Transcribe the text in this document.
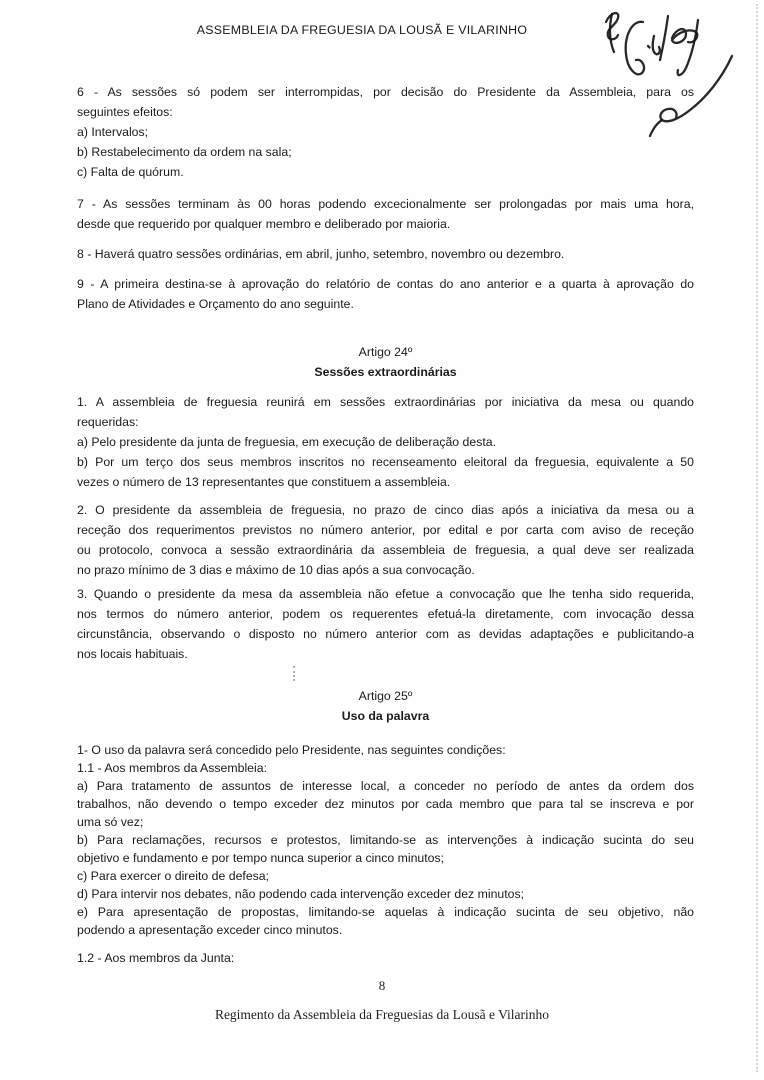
ASSEMBLEIA DA FREGUESIA DA LOUSÃ E VILARINHO
6 - As sessões só podem ser interrompidas, por decisão do Presidente da Assembleia, para os
seguintes efeitos:
a) Intervalos;
b) Restabelecimento da ordem na sala;
c) Falta de quórum.
7 - As sessões terminam às 00 horas podendo excecionalmente ser prolongadas por mais uma hora,
desde que requerido por qualquer membro e deliberado por maioria.
8 - Haverá quatro sessões ordinárias, em abril, junho, setembro, novembro ou dezembro.
9 - A primeira destina-se à aprovação do relatório de contas do ano anterior e a quarta à aprovação do
Plano de Atividades e Orçamento do ano seguinte.
Artigo 24º
Sessões extraordinárias
1. A assembleia de freguesia reunirá em sessões extraordinárias por iniciativa da mesa ou quando
requeridas:
a) Pelo presidente da junta de freguesia, em execução de deliberação desta.
b) Por um terço dos seus membros inscritos no recenseamento eleitoral da freguesia, equivalente a 50
vezes o número de 13 representantes que constituem a assembleia.
2. O presidente da assembleia de freguesia, no prazo de cinco dias após a iniciativa da mesa ou a
receção dos requerimentos previstos no número anterior, por edital e por carta com aviso de receção
ou protocolo, convoca a sessão extraordinária da assembleia de freguesia, a qual deve ser realizada
no prazo mínimo de 3 dias e máximo de 10 dias após a sua convocação.
3. Quando o presidente da mesa da assembleia não efetue a convocação que lhe tenha sido requerida,
nos termos do número anterior, podem os requerentes efetuá-la diretamente, com invocação dessa
circunstância, observando o disposto no número anterior com as devidas adaptações e publicitando-a
nos locais habituais.
Artigo 25º
Uso da palavra
1- O uso da palavra será concedido pelo Presidente, nas seguintes condições:
1.1 - Aos membros da Assembleia:
a) Para tratamento de assuntos de interesse local, a conceder no período de antes da ordem dos
trabalhos, não devendo o tempo exceder dez minutos por cada membro que para tal se inscreva e por
uma só vez;
b) Para reclamações, recursos e protestos, limitando-se as intervenções à indicação sucinta do seu
objetivo e fundamento e por tempo nunca superior a cinco minutos;
c) Para exercer o direito de defesa;
d) Para intervir nos debates, não podendo cada intervenção exceder dez minutos;
e) Para apresentação de propostas, limitando-se aquelas à indicação sucinta de seu objetivo, não
podendo a apresentação exceder cinco minutos.
1.2 - Aos membros da Junta:
8
Regimento da Assembleia da Freguesias da Lousã e Vilarinho
